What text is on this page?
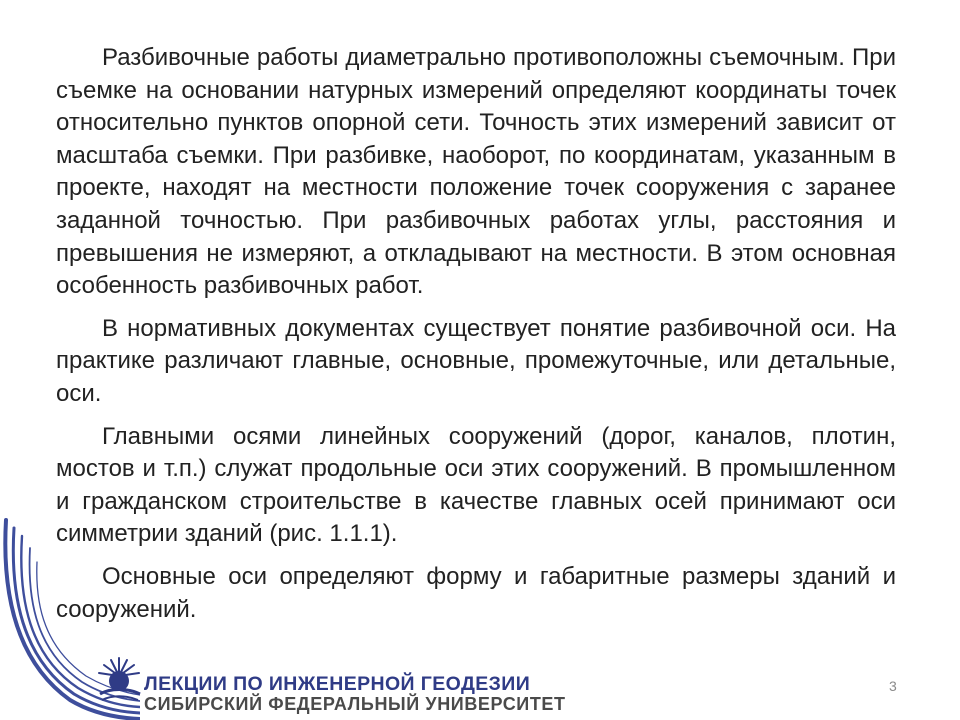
Разбивочные работы диаметрально противоположны съемочным. При съемке на основании натурных измерений определяют координаты точек относительно пунктов опорной сети. Точность этих измерений зависит от масштаба съемки. При разбивке, наоборот, по координатам, указанным в проекте, находят на местности положение точек сооружения с заранее заданной точностью. При разбивочных работах углы, расстояния и превышения не измеряют, а откладывают на местности. В этом основная особенность разбивочных работ.

В нормативных документах существует понятие разбивочной оси. На практике различают главные, основные, промежуточные, или детальные, оси.

Главными осями линейных сооружений (дорог, каналов, плотин, мостов и т.п.) служат продольные оси этих сооружений. В промышленном и гражданском строительстве в качестве главных осей принимают оси симметрии зданий (рис. 1.1.1).

Основные оси определяют форму и габаритные размеры зданий и сооружений.

ЛЕКЦИИ ПО ИНЖЕНЕРНОЙ ГЕОДЕЗИИ
СИБИРСКИЙ ФЕДЕРАЛЬНЫЙ УНИВЕРСИТЕТ
3
